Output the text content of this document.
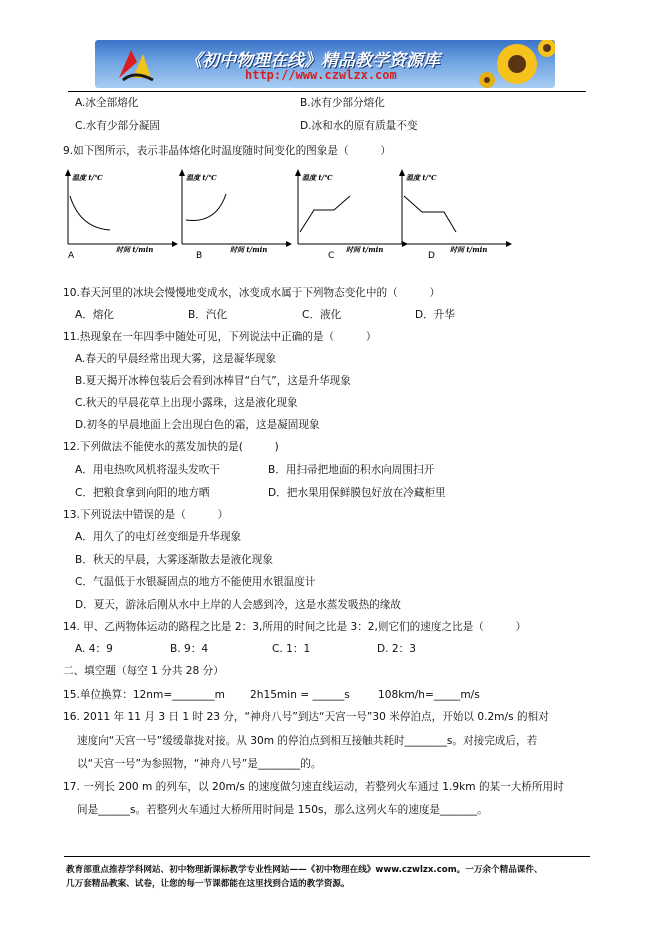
《初中物理在线》精品教学资源库
http://www.czwlzx.com
A.冰全部熔化	B.冰有少部分熔化
C.水有少部分凝固	D.冰和水的原有质量不变
9.如下图所示，表示非晶体熔化时温度随时间变化的图象是（　　　）
温度 t/℃
时间 t/min
A
温度 t/℃
时间 t/min
B
温度 t/℃
时间 t/min
C
温度 t/℃
时间 t/min
D
10.春天河里的冰块会慢慢地变成水，冰变成水属于下列物态变化中的（　　　）
A．熔化	B．汽化	C．液化	D．升华
11.热现象在一年四季中随处可见，下列说法中正确的是（　　　）
A.春天的早晨经常出现大雾，这是凝华现象
B.夏天揭开冰棒包装后会看到冰棒冒“白气”，这是升华现象
C.秋天的早晨花草上出现小露珠，这是液化现象
D.初冬的早晨地面上会出现白色的霜，这是凝固现象
12.下列做法不能使水的蒸发加快的是(　　　)
A．用电热吹风机将湿头发吹干	B．用扫帚把地面的积水向周围扫开
C．把粮食拿到向阳的地方晒	D．把水果用保鲜膜包好放在冷藏柜里
13.下列说法中错误的是（　　　）
A．用久了的电灯丝变细是升华现象
B．秋天的早晨，大雾逐渐散去是液化现象
C．气温低于水银凝固点的地方不能使用水银温度计
D．夏天，游泳后刚从水中上岸的人会感到冷，这是水蒸发吸热的缘故
14. 甲、乙两物体运动的路程之比是 2：3,所用的时间之比是 3：2,则它们的速度之比是（　　　）
A. 4：9	B. 9：4	C. 1：1	D. 2：3
二、填空题（每空 1 分共 28 分）
15.单位换算：12nm=________m 2h15min = ______s	108km/h=_____m/s
16. 2011 年 11 月 3 日 1 时 23 分，“神舟八号”到达“天宫一号”30 米停泊点，开始以 0.2m/s 的相对
速度向“天宫一号”缓缓靠拢对接。从 30m 的停泊点到相互接触共耗时________s。对接完成后，若
以“天宫一号”为参照物，“神舟八号”是________的。
17. 一列长 200 m 的列车，以 20m/s 的速度做匀速直线运动，若整列火车通过 1.9km 的某一大桥所用时
间是______s。若整列火车通过大桥所用时间是 150s，那么这列火车的速度是_______。
教育部重点推荐学科网站、初中物理新课标教学专业性网站——《初中物理在线》www.czwlzx.com。一万余个精品课件、
几万套精品教案、试卷，让您的每一节课都能在这里找到合适的教学资源。
